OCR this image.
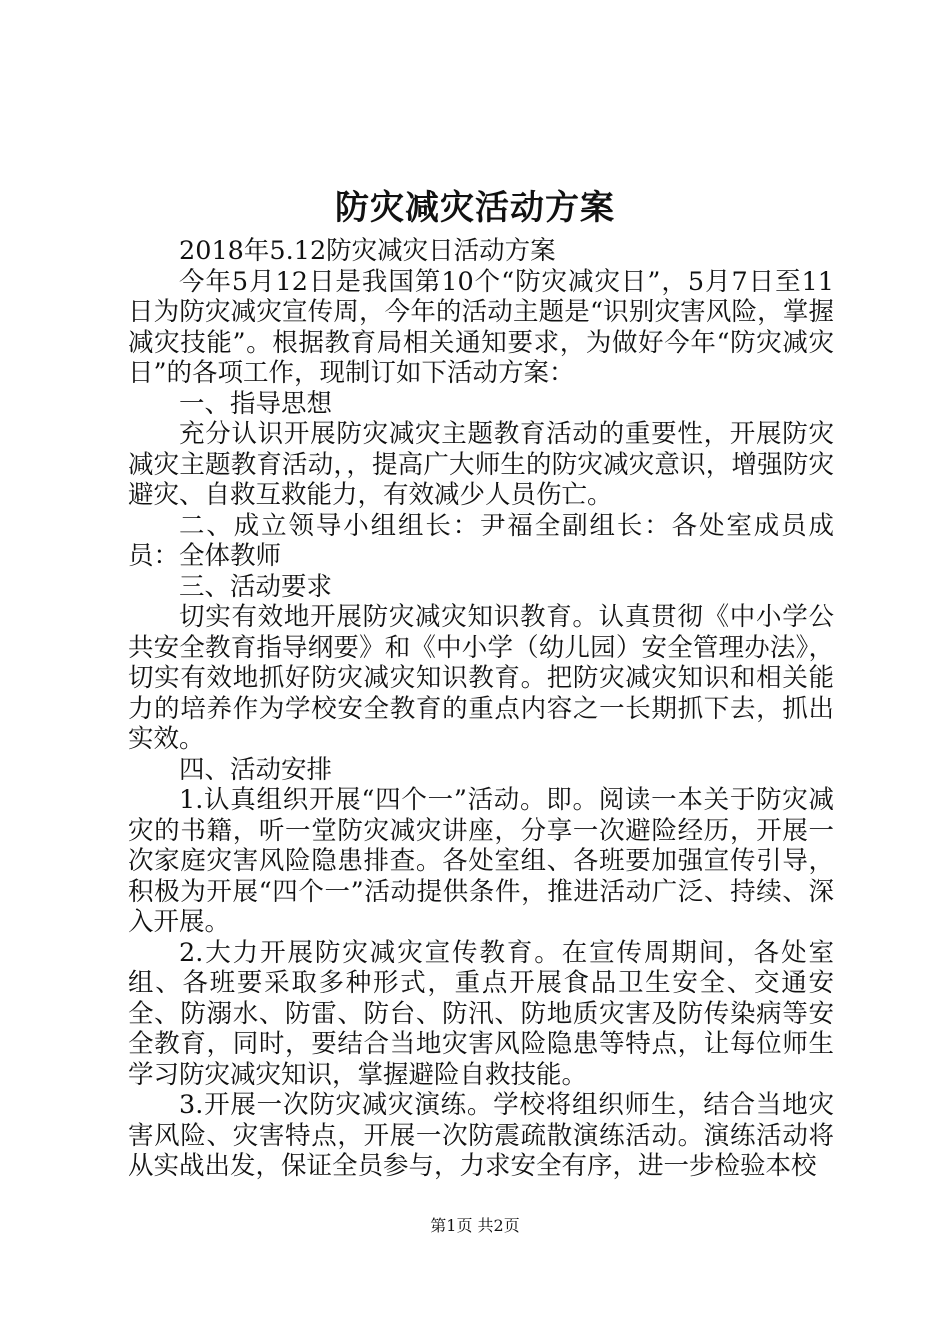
防灾减灾活动方案

2018年5.12防灾减灾日活动方案

今年5月12日是我国第10个“防灾减灾日”，5月7日至11日为防灾减灾宣传周，今年的活动主题是“识别灾害风险，掌握减灾技能”。根据教育局相关通知要求，为做好今年“防灾减灾日”的各项工作，现制订如下活动方案：

一、指导思想

充分认识开展防灾减灾主题教育活动的重要性，开展防灾减灾主题教育活动，，提高广大师生的防灾减灾意识，增强防灾避灾、自救互救能力，有效减少人员伤亡。

二、成立领导小组组长：尹福全副组长：各处室成员成员：全体教师

三、活动要求

切实有效地开展防灾减灾知识教育。认真贯彻《中小学公共安全教育指导纲要》和《中小学（幼儿园）安全管理办法》，切实有效地抓好防灾减灾知识教育。把防灾减灾知识和相关能力的培养作为学校安全教育的重点内容之一长期抓下去，抓出实效。

四、活动安排

1.认真组织开展“四个一”活动。即。阅读一本关于防灾减灾的书籍，听一堂防灾减灾讲座，分享一次避险经历，开展一次家庭灾害风险隐患排查。各处室组、各班要加强宣传引导，积极为开展“四个一”活动提供条件，推进活动广泛、持续、深入开展。

2.大力开展防灾减灾宣传教育。在宣传周期间，各处室组、各班要采取多种形式，重点开展食品卫生安全、交通安全、防溺水、防雷、防台、防汛、防地质灾害及防传染病等安全教育，同时，要结合当地灾害风险隐患等特点，让每位师生学习防灾减灾知识，掌握避险自救技能。

3.开展一次防灾减灾演练。学校将组织师生，结合当地灾害风险、灾害特点，开展一次防震疏散演练活动。演练活动将从实战出发，保证全员参与，力求安全有序，进一步检验本校

第1页 共2页
